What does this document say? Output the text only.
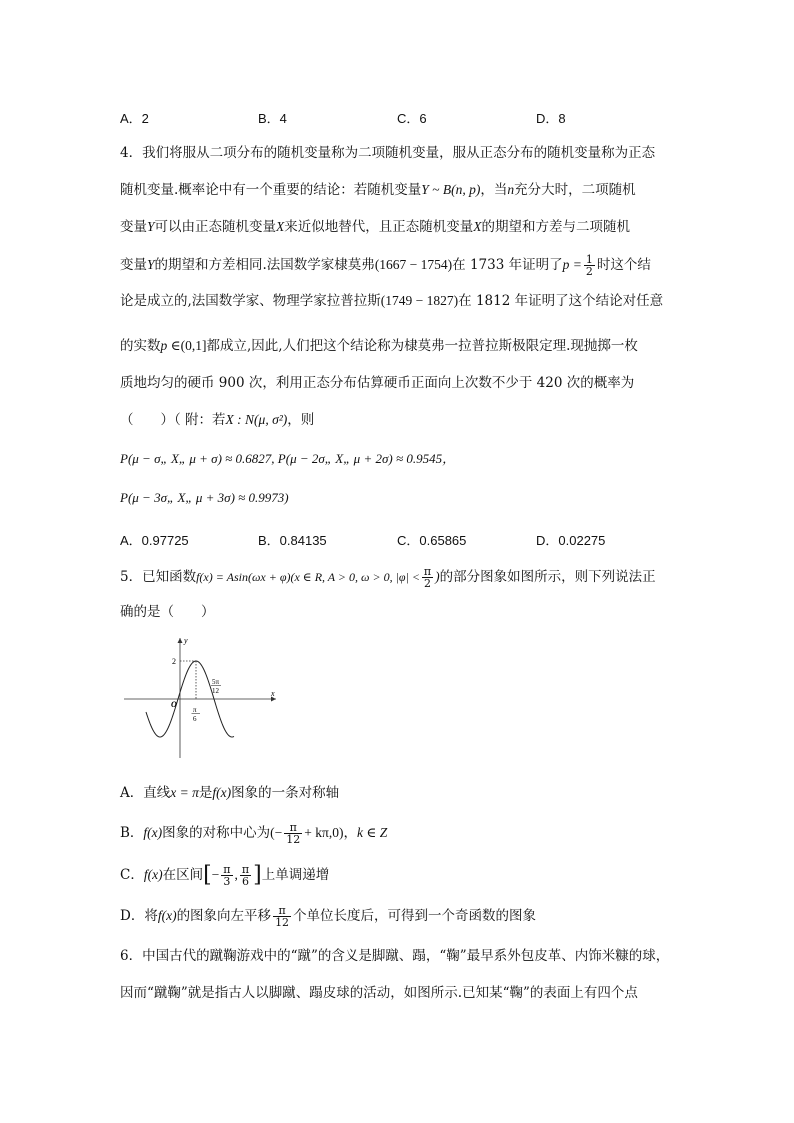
A．2	B．4	C．6	D．8
4．我们将服从二项分布的随机变量称为二项随机变量，服从正态分布的随机变量称为正态
随机变量.概率论中有一个重要的结论：若随机变量Y ~ B(n, p)，当n充分大时，二项随机
变量Y可以由正态随机变量X来近似地替代，且正态随机变量X的期望和方差与二项随机
变量Y的期望和方差相同.法国数学家棣莫弗(1667 − 1754)在 1733 年证明了$p = \frac{1}{2}$ 时这个结
论是成立的,法国数学家、物理学家拉普拉斯(1749 − 1827)在 1812 年证明了这个结论对任意
的实数p ∈(0,1]都成立,因此,人们把这个结论称为棣莫弗一拉普拉斯极限定理.现抛掷一枚
质地均匀的硬币 900 次，利用正态分布估算硬币正面向上次数不少于 420 次的概率为
（　　）（ 附：若X : N(μ, σ²)，则
P(μ − σ„ X„ μ + σ) ≈ 0.6827, P(μ − 2σ„ X„ μ + 2σ) ≈ 0.9545，
P(μ − 3σ„ X„ μ + 3σ) ≈ 0.9973)
A．0.97725	B．0.84135	C．0.65865	D．0.02275
5．已知函数f(x) = Asin(ωx + φ)(x ∈ R, A > 0, ω > 0, $|\varphi| < \frac{\pi}{2}$ )的部分图象如图所示，则下列说法正
确的是（　　）
y
x
O
2
π
6
5π
12
A．直线x = π是f(x)图象的一条对称轴
B．f(x)图象的对称中心为(− $\frac{\pi}{12} + k\pi,0$)，k ∈ Z
C．f(x)在区间[− $\frac{\pi}{3}$ , $\frac{\pi}{6}$ ]上单调递增
D．将f(x)的图象向左平移 $\frac{\pi}{12}$ 个单位长度后，可得到一个奇函数的图象
6．中国古代的蹴鞠游戏中的“蹴”的含义是脚蹴、蹋，“鞠”最早系外包皮革、内饰米糠的球，
因而“蹴鞠”就是指古人以脚蹴、蹋皮球的活动，如图所示.已知某“鞠”的表面上有四个点
